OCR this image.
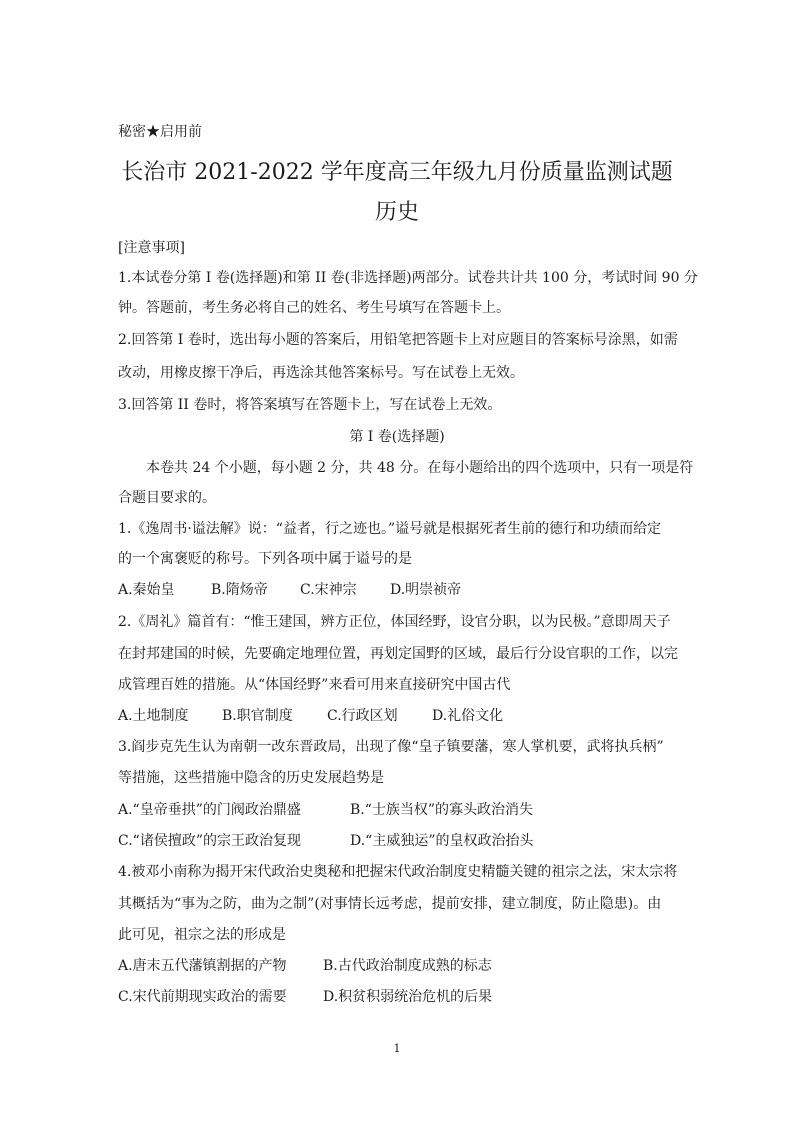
秘密★启用前
长治市 2021-2022 学年度高三年级九月份质量监测试题
历史
[注意事项]
1.本试卷分第 I 卷(选择题)和第 II 卷(非选择题)两部分。试卷共计共 100 分，考试时间 90 分
钟。答题前，考生务必将自己的姓名、考生号填写在答题卡上。
2.回答第 I 卷时，选出每小题的答案后，用铅笔把答题卡上对应题目的答案标号涂黑，如需
改动，用橡皮擦干净后，再选涂其他答案标号。写在试卷上无效。
3.回答第 II 卷时，将答案填写在答题卡上，写在试卷上无效。
第 I 卷(选择题)
本卷共 24 个小题，每小题 2 分，共 48 分。在每小题给出的四个选项中，只有一项是符
合题目要求的。
1.《逸周书·谥法解》说：“益者，行之迹也。”谥号就是根据死者生前的德行和功绩而给定
的一个寓褒贬的称号。下列各项中属于谥号的是
A.秦始皇	B.隋炀帝 C.宋神宗 D.明崇祯帝
2.《周礼》篇首有：“惟王建国，辨方正位，体国经野，设官分职，以为民极。”意即周天子
在封邦建国的时候，先要确定地理位置，再划定国野的区域，最后行分设官职的工作，以完
成管理百姓的措施。从“体国经野”来看可用来直接研究中国古代
A.土地制度 B.职官制度 C.行政区划 D.礼俗文化
3.阎步克先生认为南朝一改东晋政局，出现了像“皇子镇要藩，寒人掌机要，武将执兵柄”
等措施，这些措施中隐含的历史发展趋势是
A.“皇帝垂拱”的门阀政治鼎盛	B.“士族当权”的寡头政治消失
C.“诸侯擅政”的宗王政治复现	D.“主威独运”的皇权政治抬头
4.被邓小南称为揭开宋代政治史奥秘和把握宋代政治制度史精髓关键的祖宗之法，宋太宗将
其概括为“事为之防，曲为之制”(对事情长远考虑，提前安排，建立制度，防止隐患)。由
此可见，祖宗之法的形成是
A.唐末五代藩镇割据的产物	B.古代政治制度成熟的标志
C.宋代前期现实政治的需要	D.积贫积弱统治危机的后果
1
